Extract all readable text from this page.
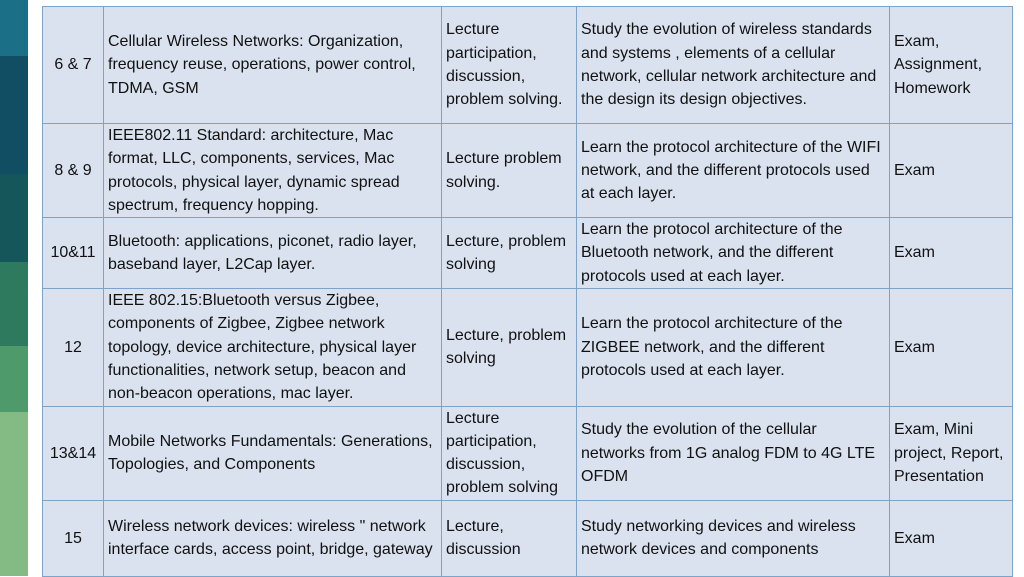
6 & 7	Cellular Wireless Networks: Organization, frequency reuse, operations, power control, TDMA, GSM	Lecture participation, discussion, problem solving.	Study the evolution of wireless standards and systems , elements of a cellular network, cellular network architecture and the design its design objectives.	Exam, Assignment, Homework
8 & 9	IEEE802.11 Standard: architecture, Mac format, LLC, components, services, Mac protocols, physical layer, dynamic spread spectrum, frequency hopping.	Lecture problem solving.	Learn the protocol architecture of the WIFI network, and the different protocols used at each layer.	Exam
10&11	Bluetooth: applications, piconet, radio layer, baseband layer, L2Cap layer.	Lecture, problem solving	Learn the protocol architecture of the Bluetooth network, and the different protocols used at each layer.	Exam
12	IEEE 802.15:Bluetooth versus Zigbee, components of Zigbee, Zigbee network topology, device architecture, physical layer functionalities, network setup, beacon and non-beacon operations, mac layer.	Lecture, problem solving	Learn the protocol architecture of the ZIGBEE network, and the different protocols used at each layer.	Exam
13&14	Mobile Networks Fundamentals: Generations, Topologies, and Components	Lecture participation, discussion, problem solving	Study the evolution of the cellular networks from 1G analog FDM to 4G LTE OFDM	Exam, Mini project, Report, Presentation
15	Wireless network devices: wireless " network interface cards, access point, bridge, gateway	Lecture, discussion	Study networking devices and wireless network devices and components	Exam
